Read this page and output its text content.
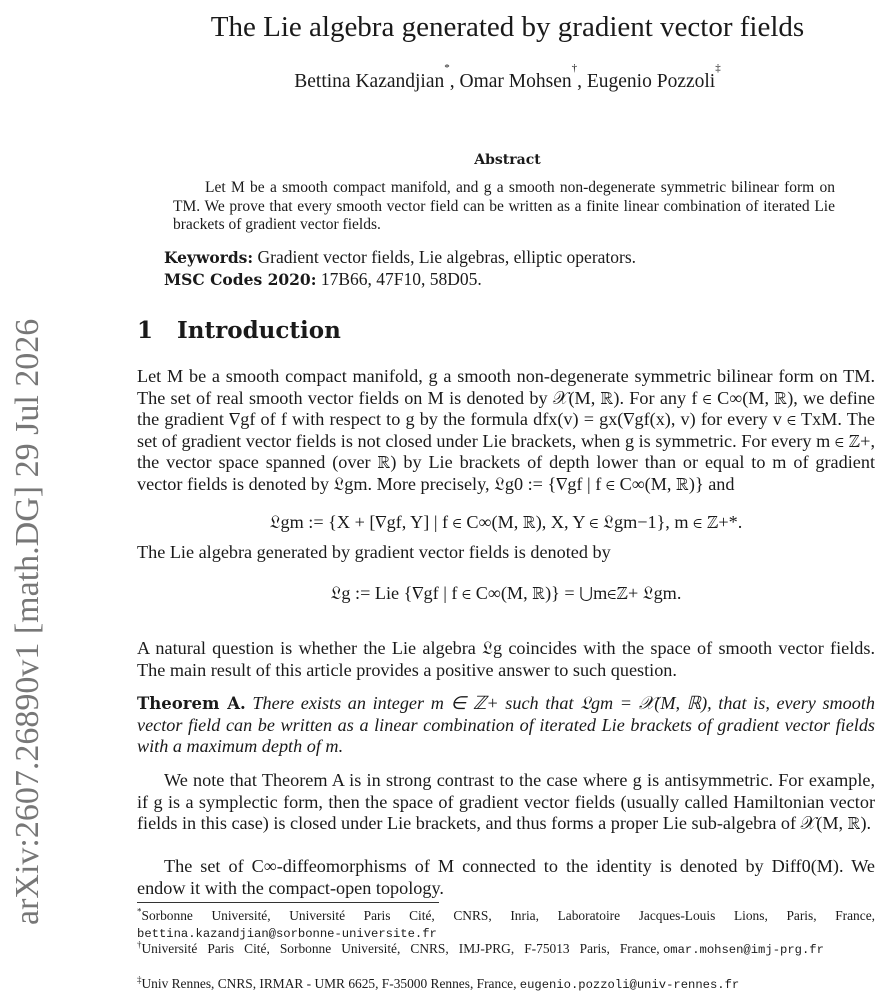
arXiv:2607.26890v1 [math.DG] 29 Jul 2026
The Lie algebra generated by gradient vector fields
Bettina Kazandjian*, Omar Mohsen†, Eugenio Pozzoli‡
Abstract
Let M be a smooth compact manifold, and g a smooth non-degenerate symmetric bilinear form on TM. We prove that every smooth vector field can be written as a finite linear combination of iterated Lie brackets of gradient vector fields.
Keywords: Gradient vector fields, Lie algebras, elliptic operators.
MSC Codes 2020: 17B66, 47F10, 58D05.
1 Introduction
Let M be a smooth compact manifold, g a smooth non-degenerate symmetric bilinear form on TM. The set of real smooth vector fields on M is denoted by 𝒳(M, ℝ). For any f ∈ C∞(M, ℝ), we define the gradient ∇gf of f with respect to g by the formula dfx(v) = gx(∇gf(x), v) for every v ∈ TxM. The set of gradient vector fields is not closed under Lie brackets, when g is symmetric. For every m ∈ ℤ+, the vector space spanned (over ℝ) by Lie brackets of depth lower than or equal to m of gradient vector fields is denoted by 𝔏gm. More precisely, 𝔏g0 := {∇gf | f ∈ C∞(M, ℝ)} and
𝔏gm := {X + [∇gf, Y] | f ∈ C∞(M, ℝ), X, Y ∈ 𝔏gm−1}, m ∈ ℤ+*.
The Lie algebra generated by gradient vector fields is denoted by
𝔏g := Lie {∇gf | f ∈ C∞(M, ℝ)} = ⋃m∈ℤ+ 𝔏gm.
A natural question is whether the Lie algebra 𝔏g coincides with the space of smooth vector fields. The main result of this article provides a positive answer to such question.
Theorem A. There exists an integer m ∈ ℤ+ such that 𝔏gm = 𝒳(M, ℝ), that is, every smooth vector field can be written as a linear combination of iterated Lie brackets of gradient vector fields with a maximum depth of m.
We note that Theorem A is in strong contrast to the case where g is antisymmetric. For example, if g is a symplectic form, then the space of gradient vector fields (usually called Hamiltonian vector fields in this case) is closed under Lie brackets, and thus forms a proper Lie sub-algebra of 𝒳(M, ℝ).
The set of C∞-diffeomorphisms of M connected to the identity is denoted by Diff0(M). We endow it with the compact-open topology.
*Sorbonne Université, Université Paris Cité, CNRS, Inria, Laboratoire Jacques-Louis Lions, Paris, France, bettina.kazandjian@sorbonne-universite.fr
†Université   Paris   Cité,   Sorbonne   Université,   CNRS,   IMJ-PRG,   F-75013   Paris,   France, omar.mohsen@imj-prg.fr
‡Univ Rennes, CNRS, IRMAR - UMR 6625, F-35000 Rennes, France, eugenio.pozzoli@univ-rennes.fr
